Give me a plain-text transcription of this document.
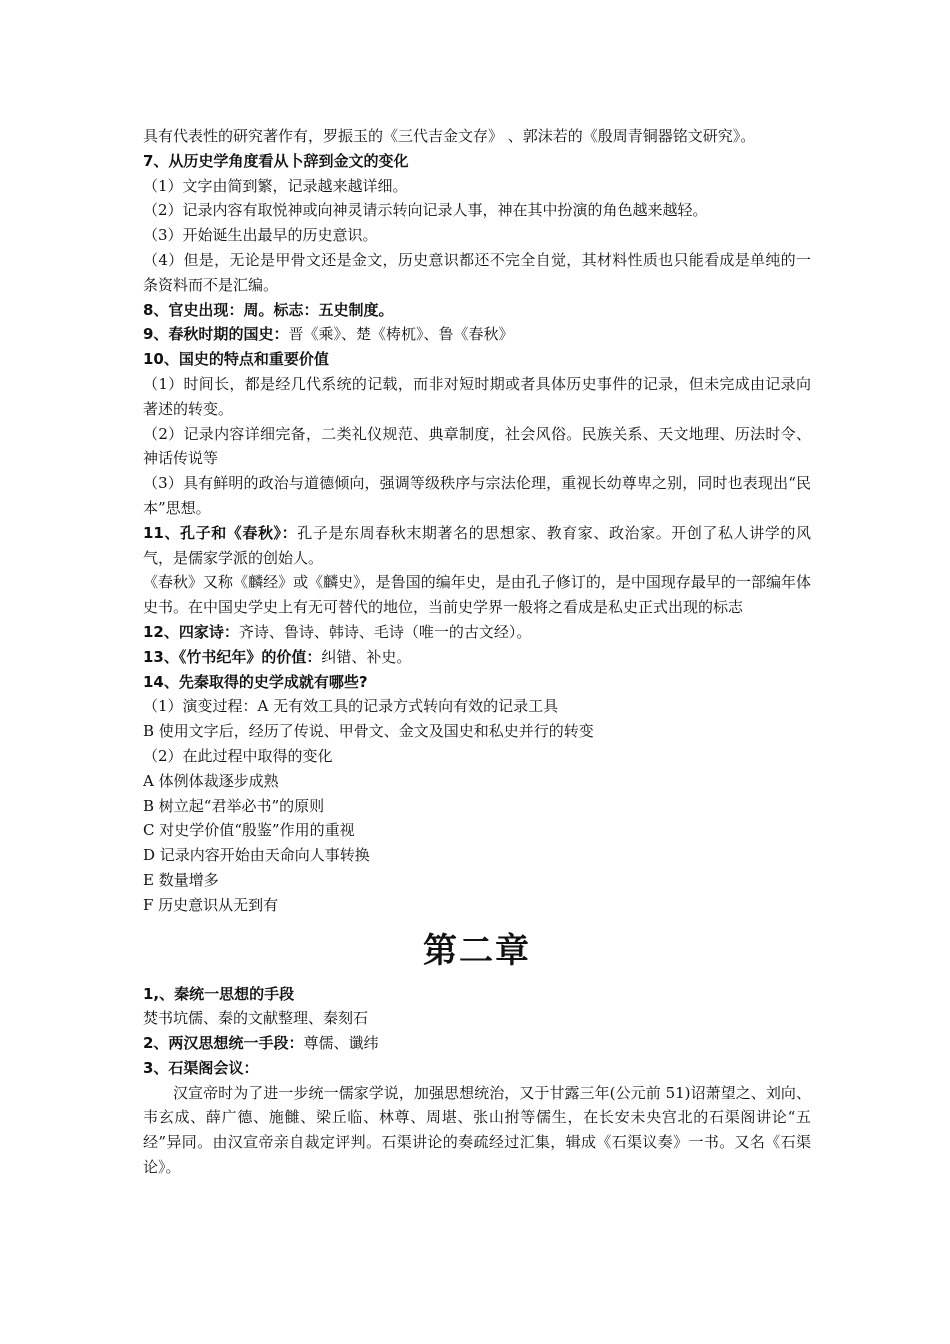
具有代表性的研究著作有，罗振玉的《三代吉金文存》 、郭沫若的《殷周青铜器铭文研究》。
7、从历史学角度看从卜辞到金文的变化
（1）文字由简到繁，记录越来越详细。
（2）记录内容有取悦神或向神灵请示转向记录人事，神在其中扮演的角色越来越轻。
（3）开始诞生出最早的历史意识。
（4）但是，无论是甲骨文还是金文，历史意识都还不完全自觉，其材料性质也只能看成是单纯的一条资料而不是汇编。
8、官史出现：周。标志：五史制度。
9、春秋时期的国史：晋《乘》、楚《梼杌》、鲁《春秋》
10、国史的特点和重要价值
（1）时间长，都是经几代系统的记载，而非对短时期或者具体历史事件的记录，但未完成由记录向著述的转变。
（2）记录内容详细完备，二类礼仪规范、典章制度，社会风俗。民族关系、天文地理、历法时令、神话传说等
（3）具有鲜明的政治与道德倾向，强调等级秩序与宗法伦理，重视长幼尊卑之别，同时也表现出“民本”思想。
11、孔子和《春秋》：孔子是东周春秋末期著名的思想家、教育家、政治家。开创了私人讲学的风气，是儒家学派的创始人。
《春秋》又称《麟经》或《麟史》，是鲁国的编年史，是由孔子修订的，是中国现存最早的一部编年体史书。在中国史学史上有无可替代的地位，当前史学界一般将之看成是私史正式出现的标志
12、四家诗：齐诗、鲁诗、韩诗、毛诗（唯一的古文经）。
13、《竹书纪年》的价值：纠错、补史。
14、先秦取得的史学成就有哪些?
（1）演变过程：A 无有效工具的记录方式转向有效的记录工具
B 使用文字后，经历了传说、甲骨文、金文及国史和私史并行的转变
（2）在此过程中取得的变化
A 体例体裁逐步成熟
B 树立起“君举必书”的原则
C 对史学价值“殷鉴”作用的重视
D 记录内容开始由天命向人事转换
E 数量增多
F 历史意识从无到有
第二章
1,、秦统一思想的手段
焚书坑儒、秦的文献整理、秦刻石
2、两汉思想统一手段：尊儒、谶纬
3、石渠阁会议：
汉宣帝时为了进一步统一儒家学说，加强思想统治，又于甘露三年(公元前 51)诏萧望之、刘向、韦玄成、薛广德、施雠、梁丘临、林尊、周堪、张山拊等儒生，在长安未央宫北的石渠阁讲论“五经”异同。由汉宣帝亲自裁定评判。石渠讲论的奏疏经过汇集，辑成《石渠议奏》一书。又名《石渠论》。
